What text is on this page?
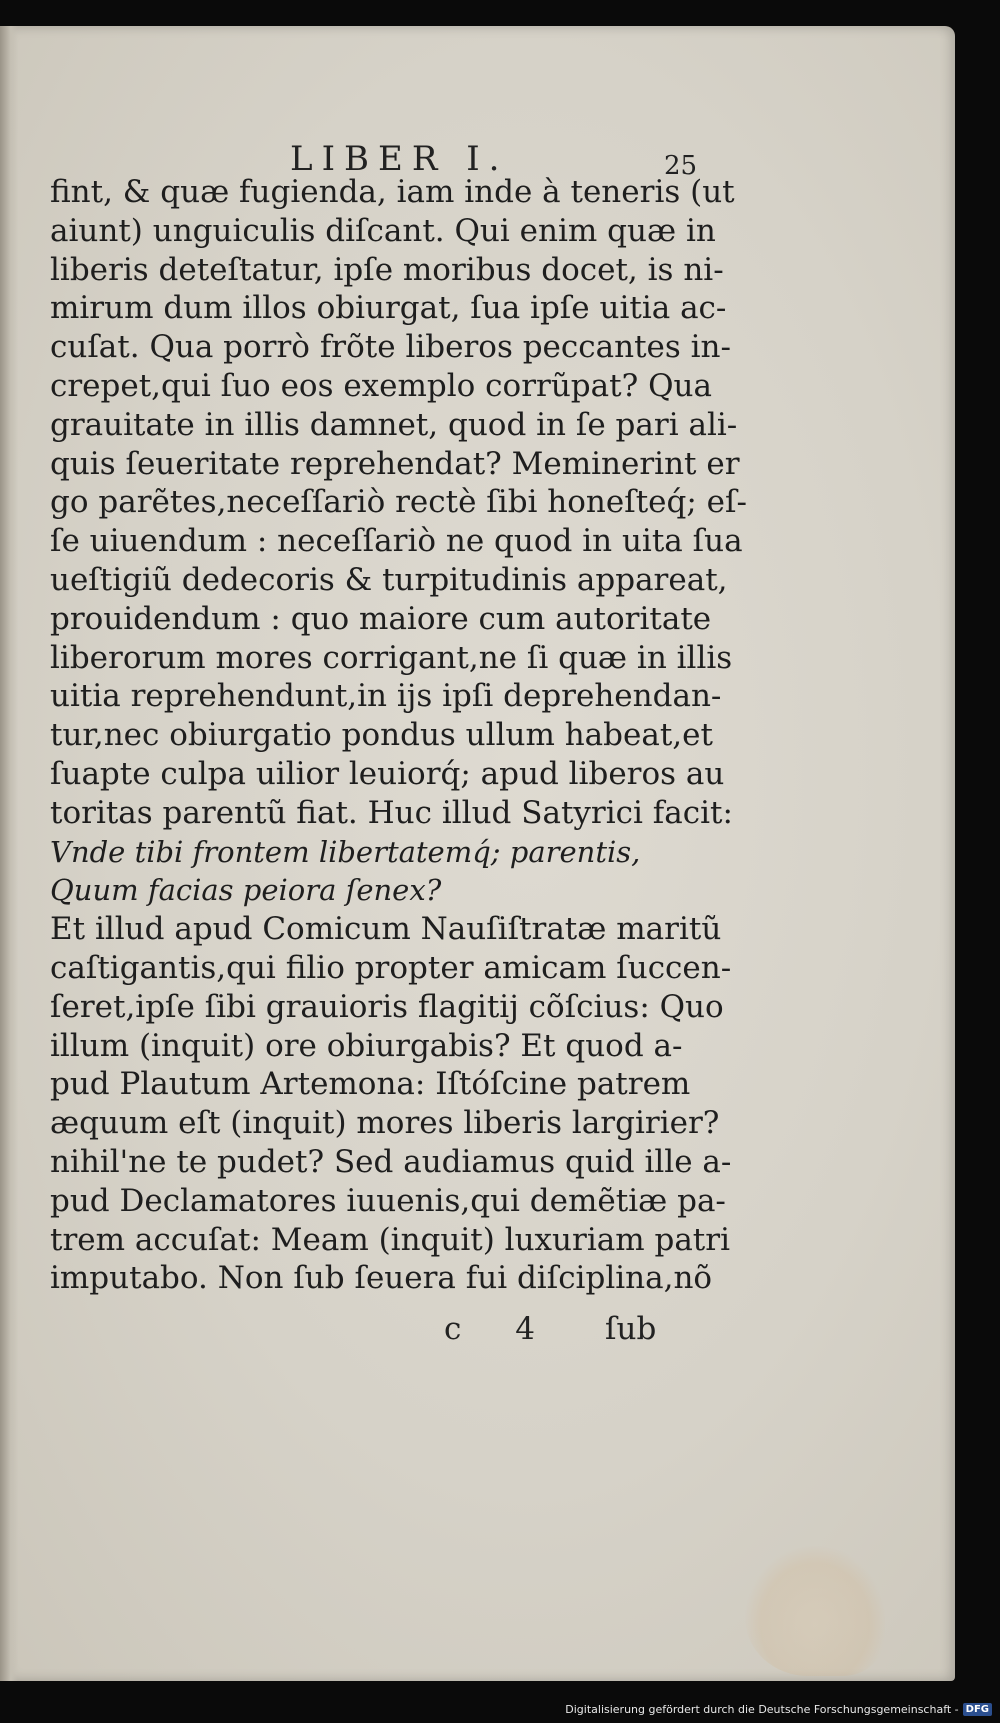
LIBER I.	25
fint, & quæ fugienda, iam inde à teneris (ut
aiunt) unguiculis diſcant. Qui enim quæ in
liberis deteſtatur, ipſe moribus docet, is ni-
mirum dum illos obiurgat, ſua ipſe uitia ac-
cuſat. Qua porrò frõte liberos peccantes in-
crepet,qui ſuo eos exemplo corrũpat? Qua
grauitate in illis damnet, quod in ſe pari ali-
quis ſeueritate reprehendat? Meminerint er
go parẽtes,neceſſariò rectè ſibi honeſteq́; eſ-
ſe uiuendum : neceſſariò ne quod in uita ſua
ueſtigiũ dedecoris & turpitudinis appareat,
prouidendum : quo maiore cum autoritate
liberorum mores corrigant,ne ſi quæ in illis
uitia reprehendunt,in ijs ipſi deprehendan-
tur,nec obiurgatio pondus ullum habeat,et
ſuapte culpa uilior leuiorq́; apud liberos au
toritas parentũ fiat. Huc illud Satyrici facit:
Vnde tibi frontem libertatemq́; parentis,
Quum facias peiora ſenex?
Et illud apud Comicum Nauſiſtratæ maritũ
caſtigantis,qui filio propter amicam ſuccen-
ſeret,ipſe ſibi grauioris flagitij cõſcius: Quo
illum (inquit) ore obiurgabis? Et quod a-
pud Plautum Artemona: Iſtóſcine patrem
æquum eſt (inquit) mores liberis largirier?
nihil'ne te pudet? Sed audiamus quid ille a-
pud Declamatores iuuenis,qui demẽtiæ pa-
trem accuſat: Meam (inquit) luxuriam patri
imputabo. Non ſub ſeuera fui diſciplina,nõ
c 4 ſub
Digitalisierung gefördert durch die Deutsche Forschungsgemeinschaft - DFG
